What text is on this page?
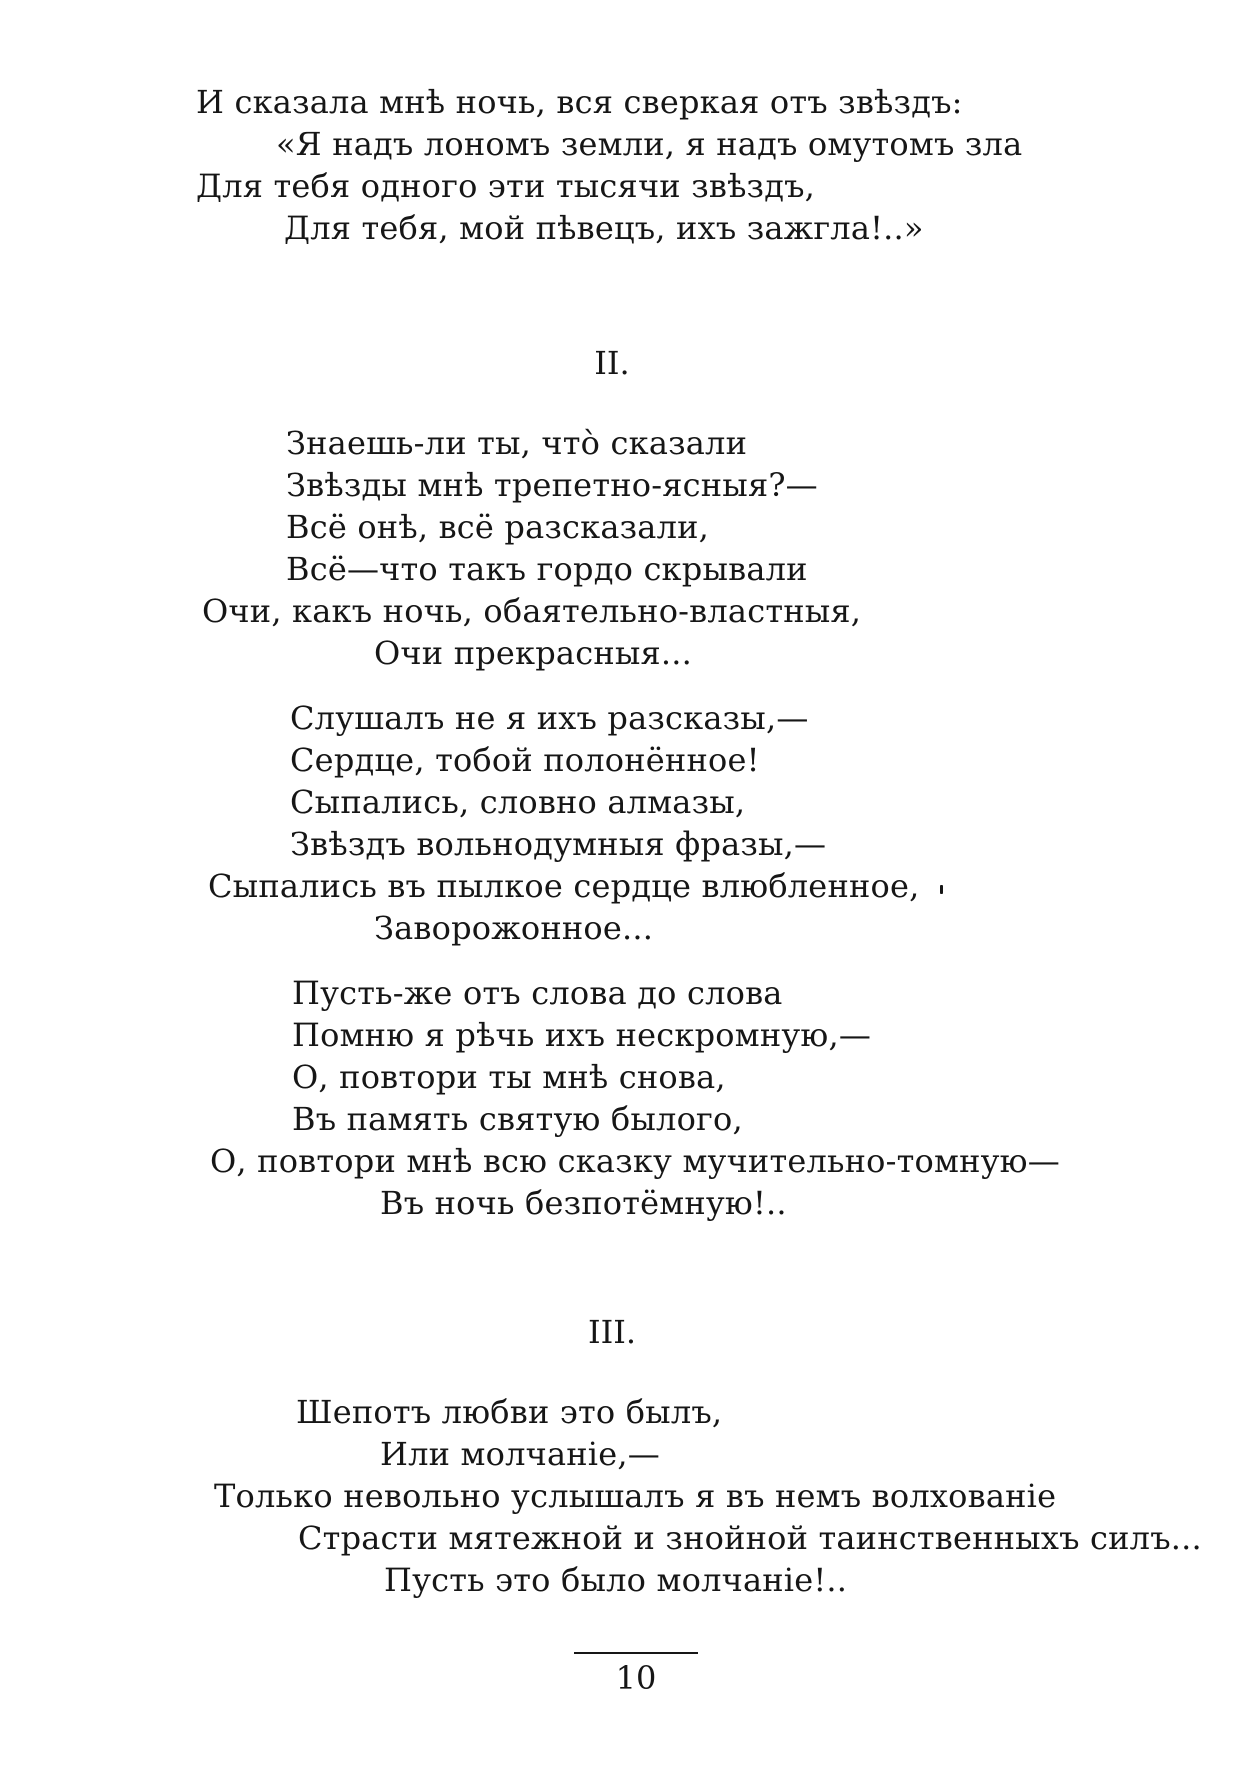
И сказала мнѣ ночь, вся сверкая отъ звѣздъ:
«Я надъ лономъ земли, я надъ омутомъ зла
Для тебя одного эти тысячи звѣздъ,
Для тебя, мой пѣвецъ, ихъ зажгла!..»
II.
Знаешь-ли ты, что̀ сказали
Звѣзды мнѣ трепетно-ясныя?—
Всё онѣ, всё разсказали,
Всё—что такъ гордо скрывали
Очи, какъ ночь, обаятельно-властныя,
Очи прекрасныя...
Слушалъ не я ихъ разсказы,—
Сердце, тобой полонённое!
Сыпались, словно алмазы,
Звѣздъ вольнодумныя фразы,—
Сыпались въ пылкое сердце влюбленное,
Заворожонное...
Пусть-же отъ слова до слова
Помню я рѣчь ихъ нескромную,—
О, повтори ты мнѣ снова,
Въ память святую былого,
О, повтори мнѣ всю сказку мучительно-томную—
Въ ночь безпотёмную!..
III.
Шепотъ любви это былъ,
Или молчаніе,—
Только невольно услышалъ я въ немъ волхованіе
Страсти мятежной и знойной таинственныхъ силъ...
Пусть это было молчаніе!..
10
